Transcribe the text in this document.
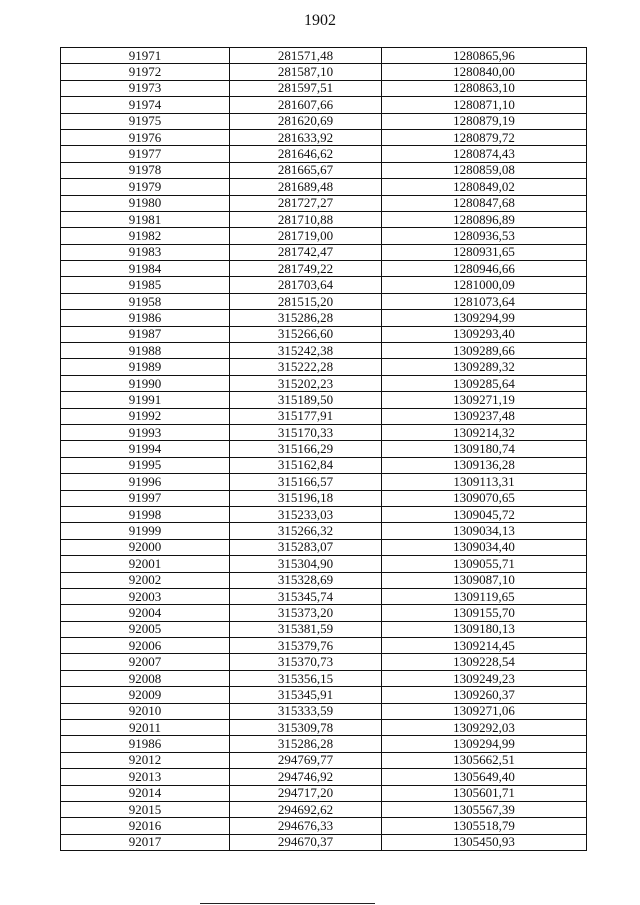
1902
91971	281571,48	1280865,96
91972	281587,10	1280840,00
91973	281597,51	1280863,10
91974	281607,66	1280871,10
91975	281620,69	1280879,19
91976	281633,92	1280879,72
91977	281646,62	1280874,43
91978	281665,67	1280859,08
91979	281689,48	1280849,02
91980	281727,27	1280847,68
91981	281710,88	1280896,89
91982	281719,00	1280936,53
91983	281742,47	1280931,65
91984	281749,22	1280946,66
91985	281703,64	1281000,09
91958	281515,20	1281073,64
91986	315286,28	1309294,99
91987	315266,60	1309293,40
91988	315242,38	1309289,66
91989	315222,28	1309289,32
91990	315202,23	1309285,64
91991	315189,50	1309271,19
91992	315177,91	1309237,48
91993	315170,33	1309214,32
91994	315166,29	1309180,74
91995	315162,84	1309136,28
91996	315166,57	1309113,31
91997	315196,18	1309070,65
91998	315233,03	1309045,72
91999	315266,32	1309034,13
92000	315283,07	1309034,40
92001	315304,90	1309055,71
92002	315328,69	1309087,10
92003	315345,74	1309119,65
92004	315373,20	1309155,70
92005	315381,59	1309180,13
92006	315379,76	1309214,45
92007	315370,73	1309228,54
92008	315356,15	1309249,23
92009	315345,91	1309260,37
92010	315333,59	1309271,06
92011	315309,78	1309292,03
91986	315286,28	1309294,99
92012	294769,77	1305662,51
92013	294746,92	1305649,40
92014	294717,20	1305601,71
92015	294692,62	1305567,39
92016	294676,33	1305518,79
92017	294670,37	1305450,93
